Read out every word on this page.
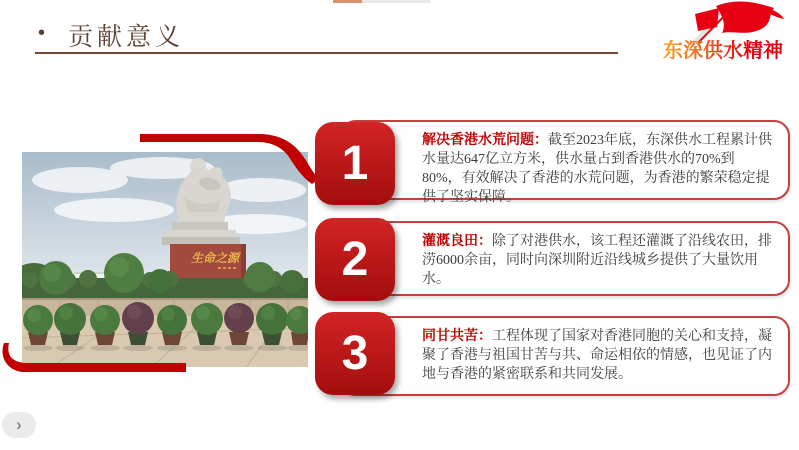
• 贡献意义	东深供水精神
生命之源
解决香港水荒问题：截至2023年底，东深供水工程累计供水量达647亿立方米，供水量占到香港供水的70%到80%，有效解决了香港的水荒问题，为香港的繁荣稳定提供了坚实保障。
灌溉良田：除了对港供水，该工程还灌溉了沿线农田，排涝6000余亩，同时向深圳附近沿线城乡提供了大量饮用水。
同甘共苦：工程体现了国家对香港同胞的关心和支持，凝聚了香港与祖国甘苦与共、命运相依的情感，也见证了内地与香港的紧密联系和共同发展。
1
2
3
›
